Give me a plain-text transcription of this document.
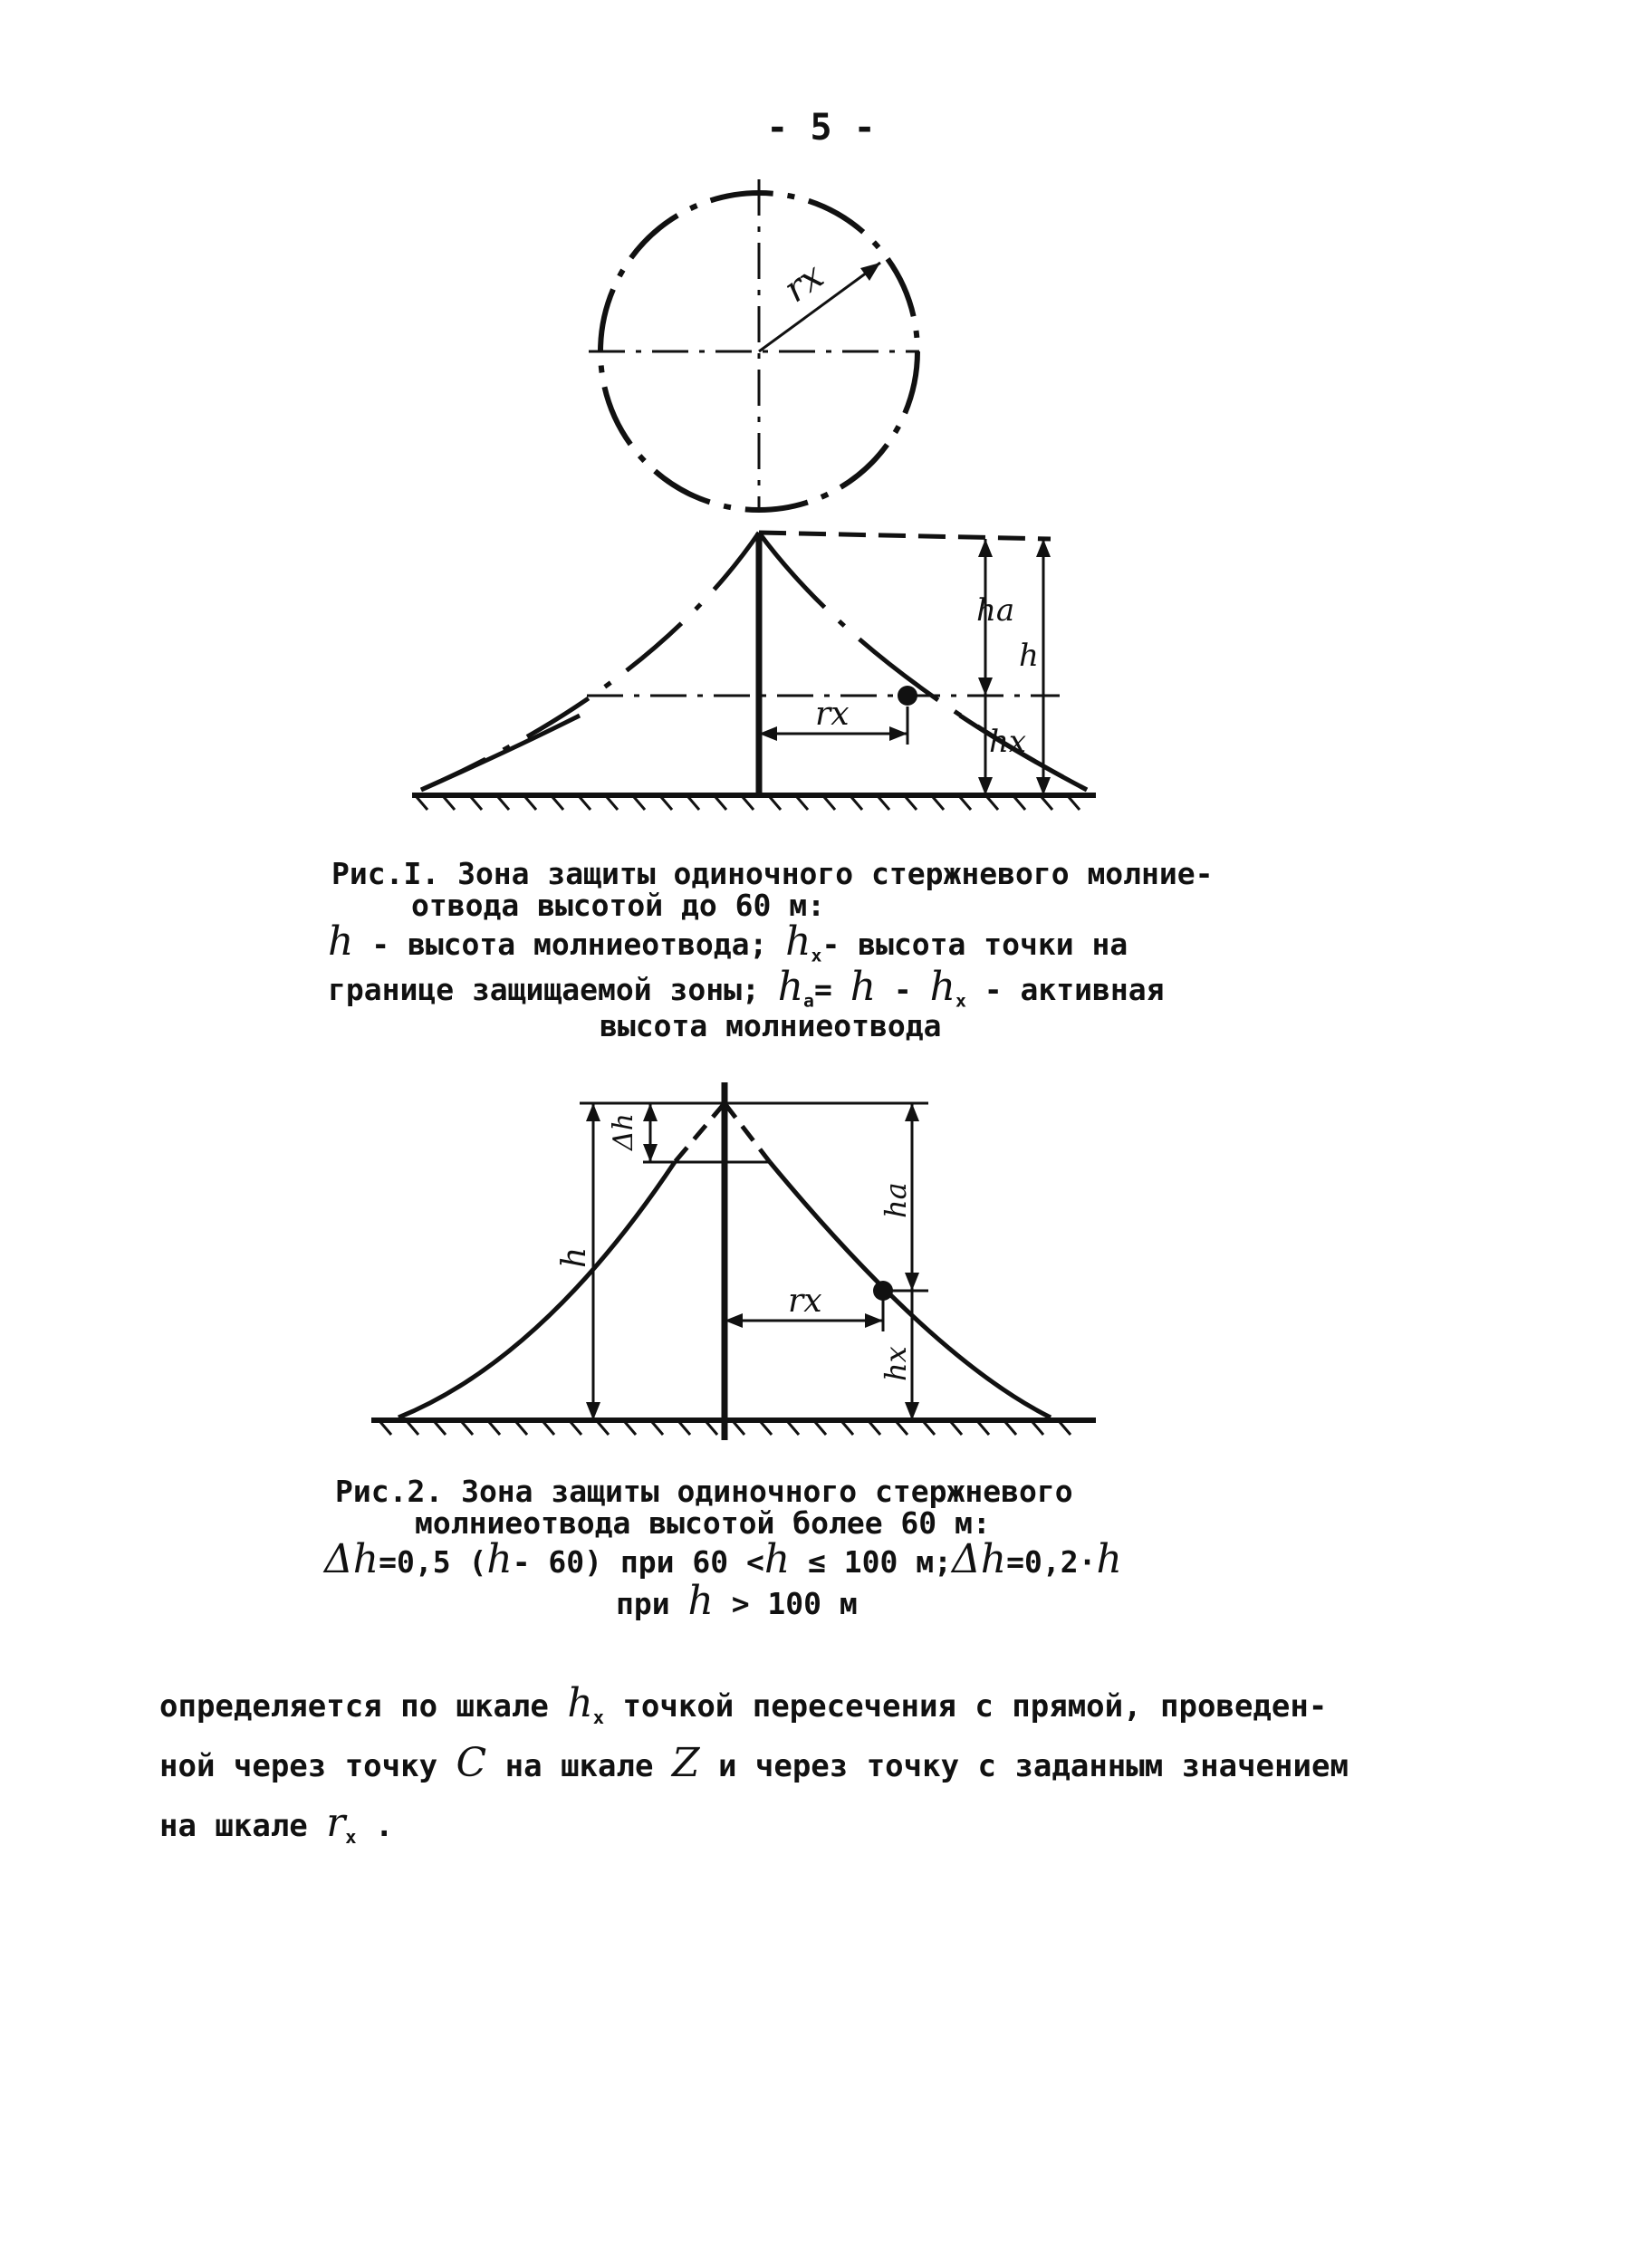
- 5 -
rx
ha
h
hx
rx
Рис.I. Зона защиты одиночного стержневого молние-
отвода высотой до 60 м:
h - высота молниеотвода; $h_x-$ высота точки на
границе защищаемой зоны; $h_a= h - h_x$ - активная
высота молниеотвода
Δh
h
ha
rx
hx
Рис.2. Зона защиты одиночного стержневого
молниеотвода высотой более 60 м:
Δh=0,5 (h- 60) при 60 <h ≤ 100 м;Δh=0,2·h
при h > 100 м
определяется по шкале $h_x$ точкой пересечения с прямой, проведен-
ной через точку C на шкале Z и через точку с заданным значением
на шкале $r_x$ .
